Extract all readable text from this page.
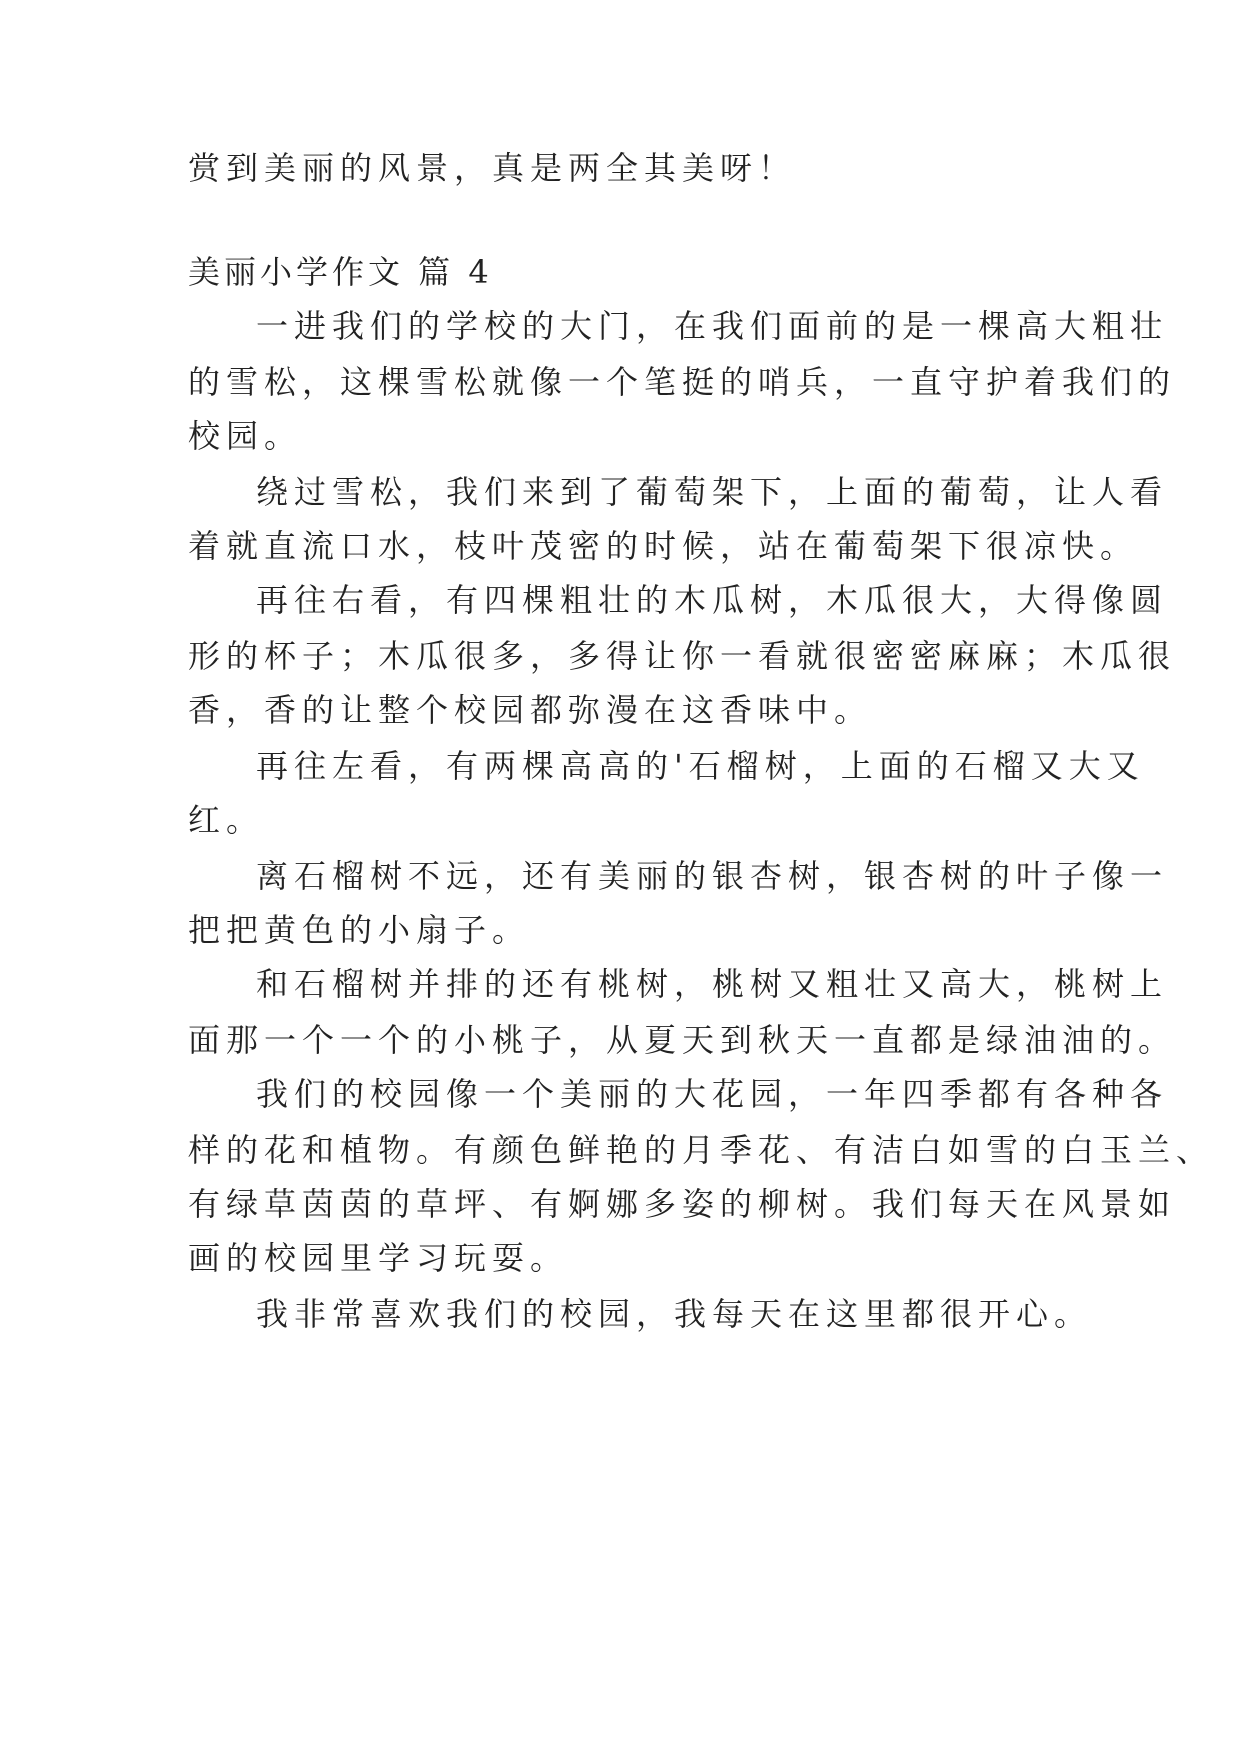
赏到美丽的风景，真是两全其美呀！
美丽小学作文 篇 4
一进我们的学校的大门，在我们面前的是一棵高大粗壮
的雪松，这棵雪松就像一个笔挺的哨兵，一直守护着我们的
校园。
绕过雪松，我们来到了葡萄架下，上面的葡萄，让人看
着就直流口水，枝叶茂密的时候，站在葡萄架下很凉快。
再往右看，有四棵粗壮的木瓜树，木瓜很大，大得像圆
形的杯子；木瓜很多，多得让你一看就很密密麻麻；木瓜很
香，香的让整个校园都弥漫在这香味中。
再往左看，有两棵高高的'石榴树，上面的石榴又大又
红。
离石榴树不远，还有美丽的银杏树，银杏树的叶子像一
把把黄色的小扇子。
和石榴树并排的还有桃树，桃树又粗壮又高大，桃树上
面那一个一个的小桃子，从夏天到秋天一直都是绿油油的。
我们的校园像一个美丽的大花园，一年四季都有各种各
样的花和植物。有颜色鲜艳的月季花、有洁白如雪的白玉兰、
有绿草茵茵的草坪、有婀娜多姿的柳树。我们每天在风景如
画的校园里学习玩耍。
我非常喜欢我们的校园，我每天在这里都很开心。
